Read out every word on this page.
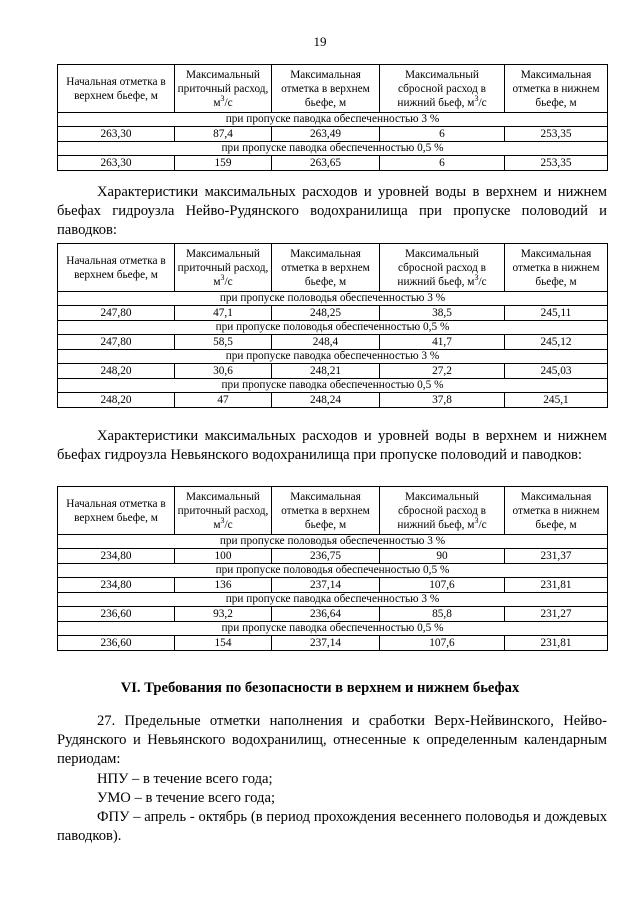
19
Начальная отметка в верхнем бьефе, м	Максимальный приточный расход, $м^3/с$	Максимальная отметка в верхнем бьефе, м	Максимальный сбросной расход в нижний бьеф, $м^3/с$	Максимальная отметка в нижнем бьефе, м
при пропуске паводка обеспеченностью 3 %				
263,30	87,4	263,49	6	253,35
при пропуске паводка обеспеченностью 0,5 %				
263,30	159	263,65	6	253,35

Характеристики максимальных расходов и уровней воды в верхнем и нижнем бьефах гидроузла Нейво-Рудянского водохранилища при пропуске половодий и паводков:

Начальная отметка в верхнем бьефе, м	Максимальный приточный расход, $м^3/с$	Максимальная отметка в верхнем бьефе, м	Максимальный сбросной расход в нижний бьеф, $м^3/с$	Максимальная отметка в нижнем бьефе, м
при пропуске половодья обеспеченностью 3 %				
247,80	47,1	248,25	38,5	245,11
при пропуске половодья обеспеченностью 0,5 %				
247,80	58,5	248,4	41,7	245,12
при пропуске паводка обеспеченностью 3 %				
248,20	30,6	248,21	27,2	245,03
при пропуске паводка обеспеченностью 0,5 %				
248,20	47	248,24	37,8	245,1

Характеристики максимальных расходов и уровней воды в верхнем и нижнем бьефах гидроузла Невьянского водохранилища при пропуске половодий и паводков:

Начальная отметка в верхнем бьефе, м	Максимальный приточный расход, $м^3/с$	Максимальная отметка в верхнем бьефе, м	Максимальный сбросной расход в нижний бьеф, $м^3/с$	Максимальная отметка в нижнем бьефе, м
при пропуске половодья обеспеченностью 3 %				
234,80	100	236,75	90	231,37
при пропуске половодья обеспеченностью 0,5 %				
234,80	136	237,14	107,6	231,81
при пропуске паводка обеспеченностью 3 %				
236,60	93,2	236,64	85,8	231,27
при пропуске паводка обеспеченностью 0,5 %				
236,60	154	237,14	107,6	231,81
VI. Требования по безопасности в верхнем и нижнем бьефах

27. Предельные отметки наполнения и сработки Верх-Нейвинского, Нейво-Рудянского и Невьянского водохранилищ, отнесенные к определенным календарным периодам:

НПУ – в течение всего года;

УМО – в течение всего года;

ФПУ – апрель - октябрь (в период прохождения весеннего половодья и дождевых паводков).
